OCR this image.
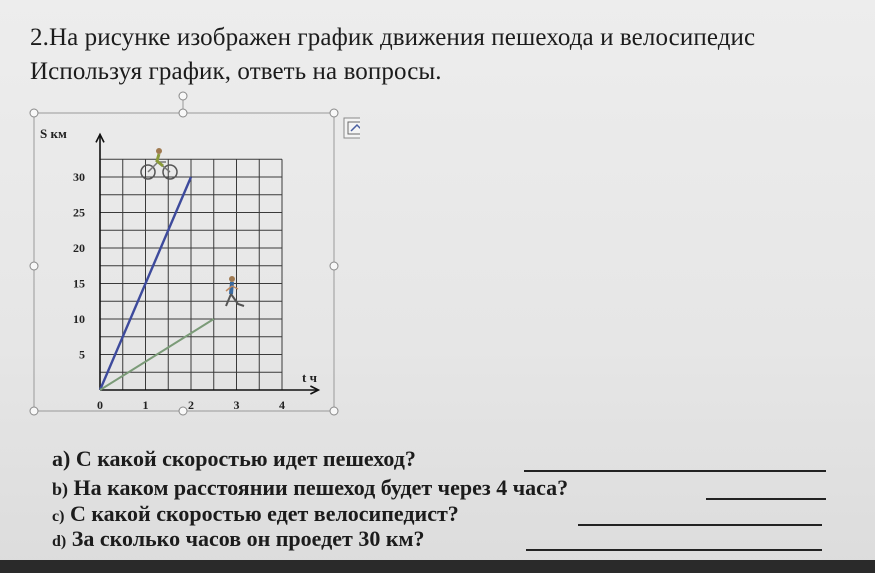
2.На рисунке изображен график движения пешехода и велосипедис
Используя график, ответь на вопросы.
0	1	2	3	4
5
10
15
20
25
30
S км
t ч
a) С какой скоростью идет пешеход?
b) На каком расстоянии пешеход будет через 4 часа?
c) С какой скоростью едет велосипедист?
d) За сколько часов он проедет 30 км?
